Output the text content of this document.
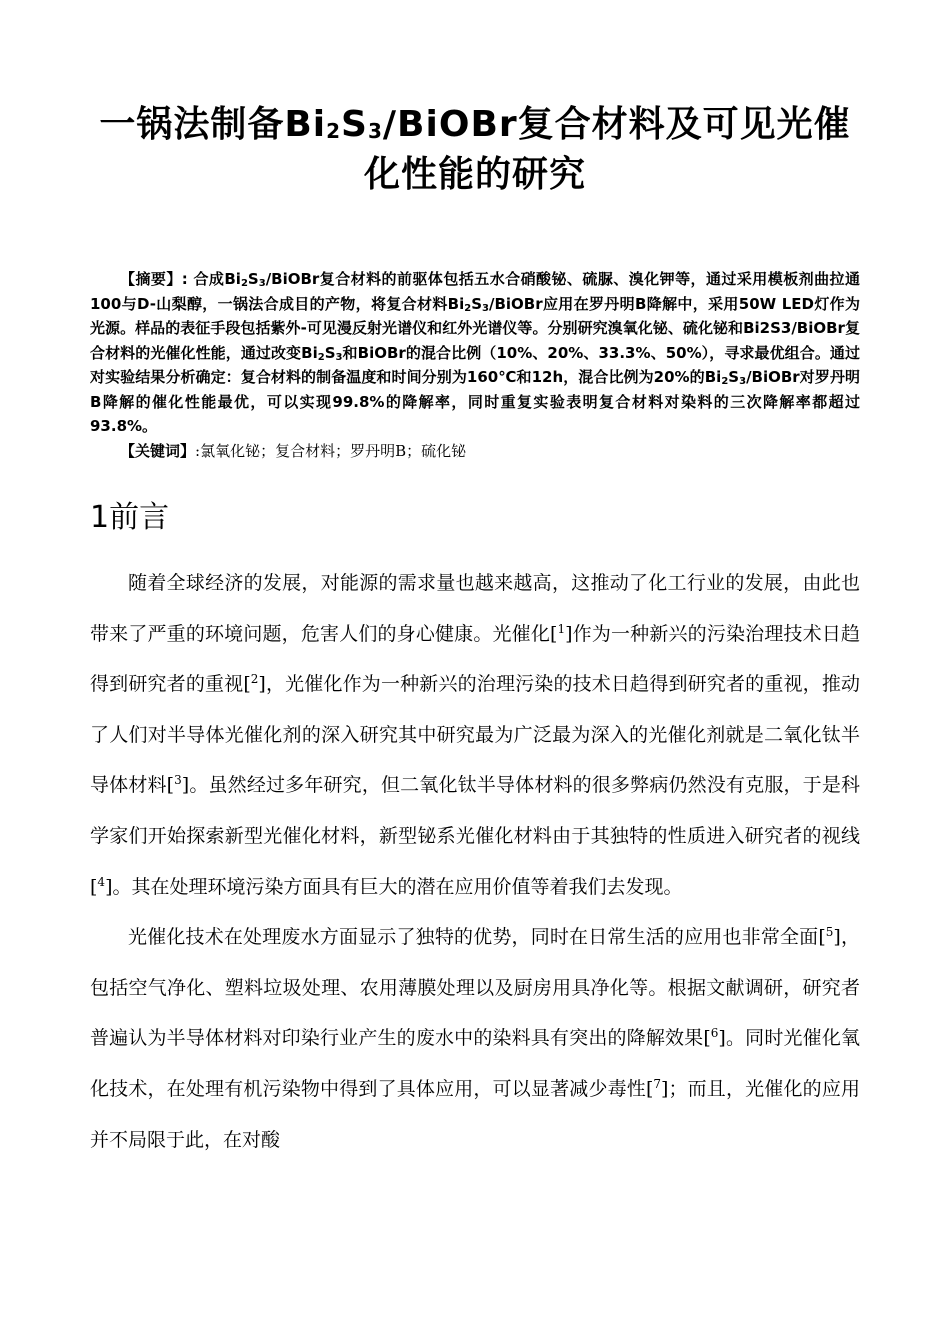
一锅法制备$Bi_2S_3$/BiOBr复合材料及可见光催化性能的研究

【摘要】: 合成$Bi_2S_3$/BiOBr复合材料的前驱体包括五水合硝酸铋、硫脲、溴化钾等，通过采用模板剂曲拉通100与D-山梨醇，一锅法合成目的产物，将复合材料$Bi_2S_3$/BiOBr应用在罗丹明B降解中，采用50W LED灯作为光源。样品的表征手段包括紫外-可见漫反射光谱仪和红外光谱仪等。分别研究溴氧化铋、硫化铋和Bi2S3/BiOBr复合材料的光催化性能，通过改变$Bi_2S_3$和BiOBr的混合比例（10%、20%、33.3%、50%），寻求最优组合。通过对实验结果分析确定：复合材料的制备温度和时间分别为160℃和12h，混合比例为20%的$Bi_2S_3$/BiOBr对罗丹明B降解的催化性能最优，可以实现99.8%的降解率，同时重复实验表明复合材料对染料的三次降解率都超过93.8%。

【关键词】:氯氧化铋；复合材料；罗丹明B；硫化铋

1前言

随着全球经济的发展，对能源的需求量也越来越高，这推动了化工行业的发展，由此也带来了严重的环境问题，危害人们的身心健康。光催化[$^1$]作为一种新兴的污染治理技术日趋得到研究者的重视[$^2$]，光催化作为一种新兴的治理污染的技术日趋得到研究者的重视，推动了人们对半导体光催化剂的深入研究其中研究最为广泛最为深入的光催化剂就是二氧化钛半导体材料[$^3$]。虽然经过多年研究，但二氧化钛半导体材料的很多弊病仍然没有克服，于是科学家们开始探索新型光催化材料，新型铋系光催化材料由于其独特的性质进入研究者的视线[$^4$]。其在处理环境污染方面具有巨大的潜在应用价值等着我们去发现。

光催化技术在处理废水方面显示了独特的优势，同时在日常生活的应用也非常全面[$^5$]，包括空气净化、塑料垃圾处理、农用薄膜处理以及厨房用具净化等。根据文献调研，研究者普遍认为半导体材料对印染行业产生的废水中的染料具有突出的降解效果[$^6$]。同时光催化氧化技术，在处理有机污染物中得到了具体应用，可以显著减少毒性[$^7$]；而且，光催化的应用并不局限于此，在对酸
